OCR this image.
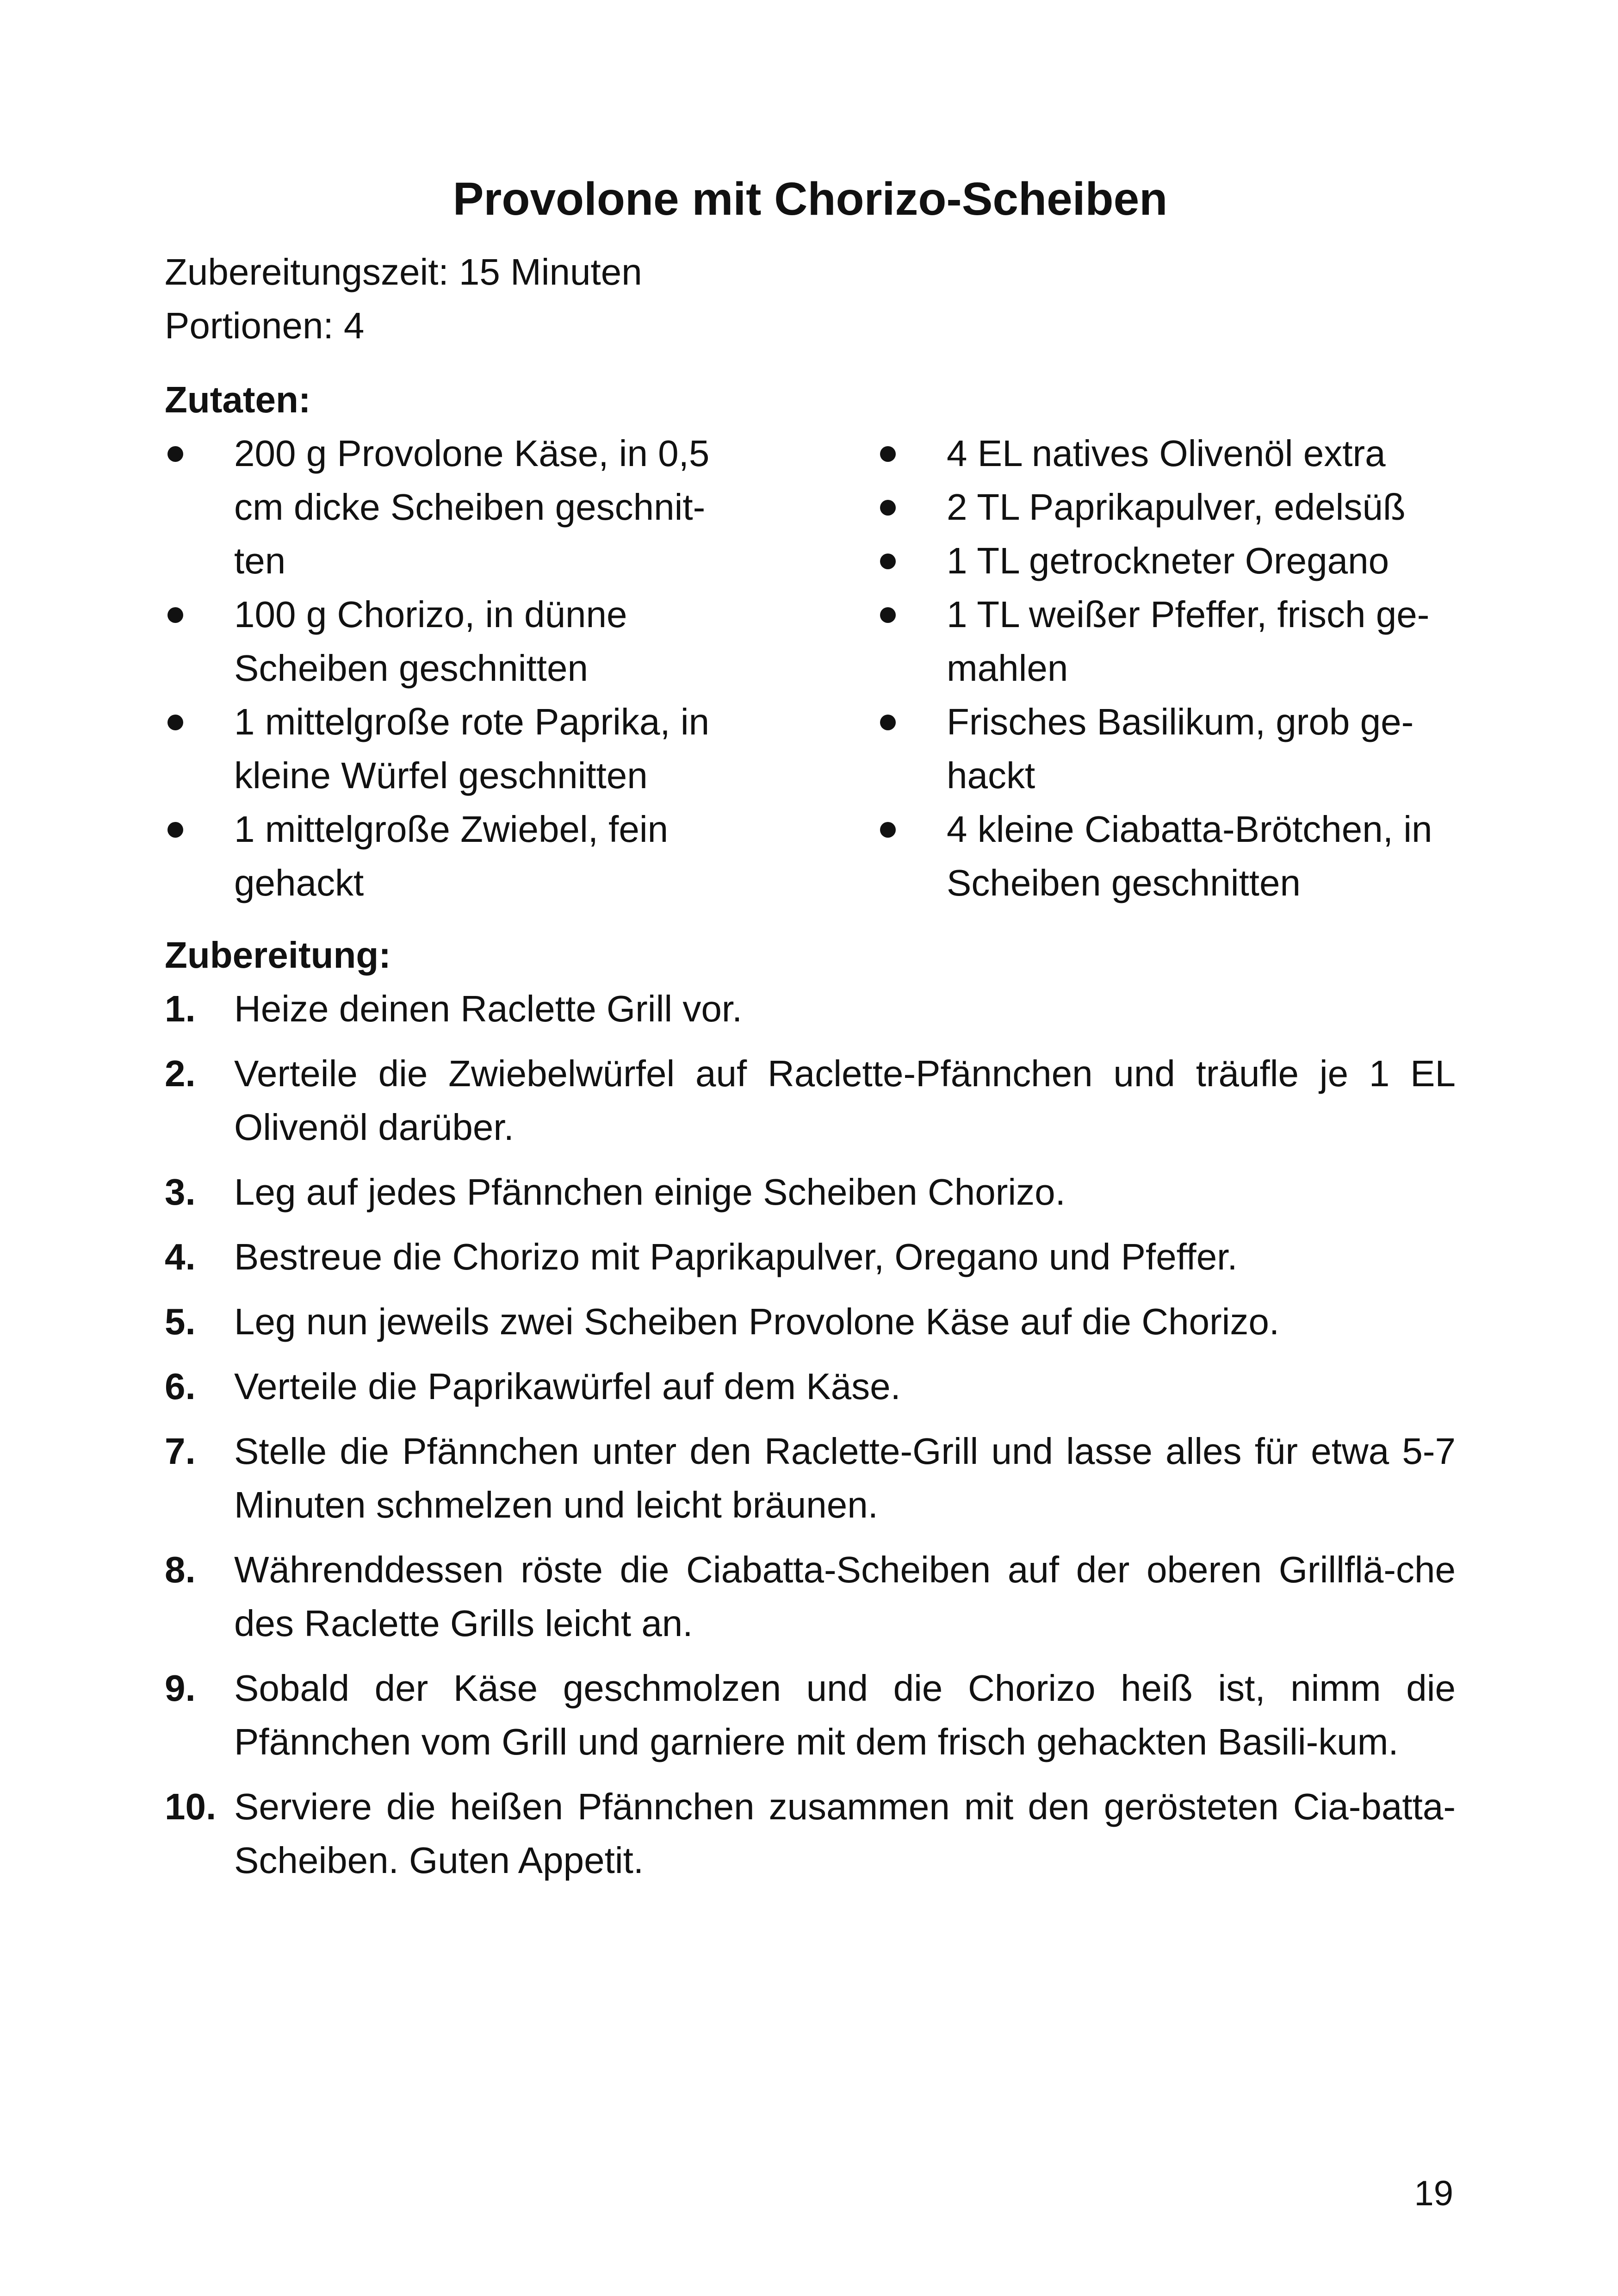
Provolone mit Chorizo-Scheiben
Zubereitungszeit: 15 Minuten
Portionen: 4
Zutaten:
200 g Provolone Käse, in 0,5 cm dicke Scheiben geschnit-ten
100 g Chorizo, in dünne Scheiben geschnitten
1 mittelgroße rote Paprika, in kleine Würfel geschnitten
1 mittelgroße Zwiebel, fein gehackt
4 EL natives Olivenöl extra
2 TL Paprikapulver, edelsüß
1 TL getrockneter Oregano
1 TL weißer Pfeffer, frisch ge-mahlen
Frisches Basilikum, grob ge-hackt
4 kleine Ciabatta-Brötchen, in Scheiben geschnitten
Zubereitung:
1. Heize deinen Raclette Grill vor.
2. Verteile die Zwiebelwürfel auf Raclette-Pfännchen und träufle je 1 EL Olivenöl darüber.
3. Leg auf jedes Pfännchen einige Scheiben Chorizo.
4. Bestreue die Chorizo mit Paprikapulver, Oregano und Pfeffer.
5. Leg nun jeweils zwei Scheiben Provolone Käse auf die Chorizo.
6. Verteile die Paprikawürfel auf dem Käse.
7. Stelle die Pfännchen unter den Raclette-Grill und lasse alles für etwa 5-7 Minuten schmelzen und leicht bräunen.
8. Währenddessen röste die Ciabatta-Scheiben auf der oberen Grillflä-che des Raclette Grills leicht an.
9. Sobald der Käse geschmolzen und die Chorizo heiß ist, nimm die Pfännchen vom Grill und garniere mit dem frisch gehackten Basili-kum.
10. Serviere die heißen Pfännchen zusammen mit den gerösteten Cia-batta-Scheiben. Guten Appetit.
19
